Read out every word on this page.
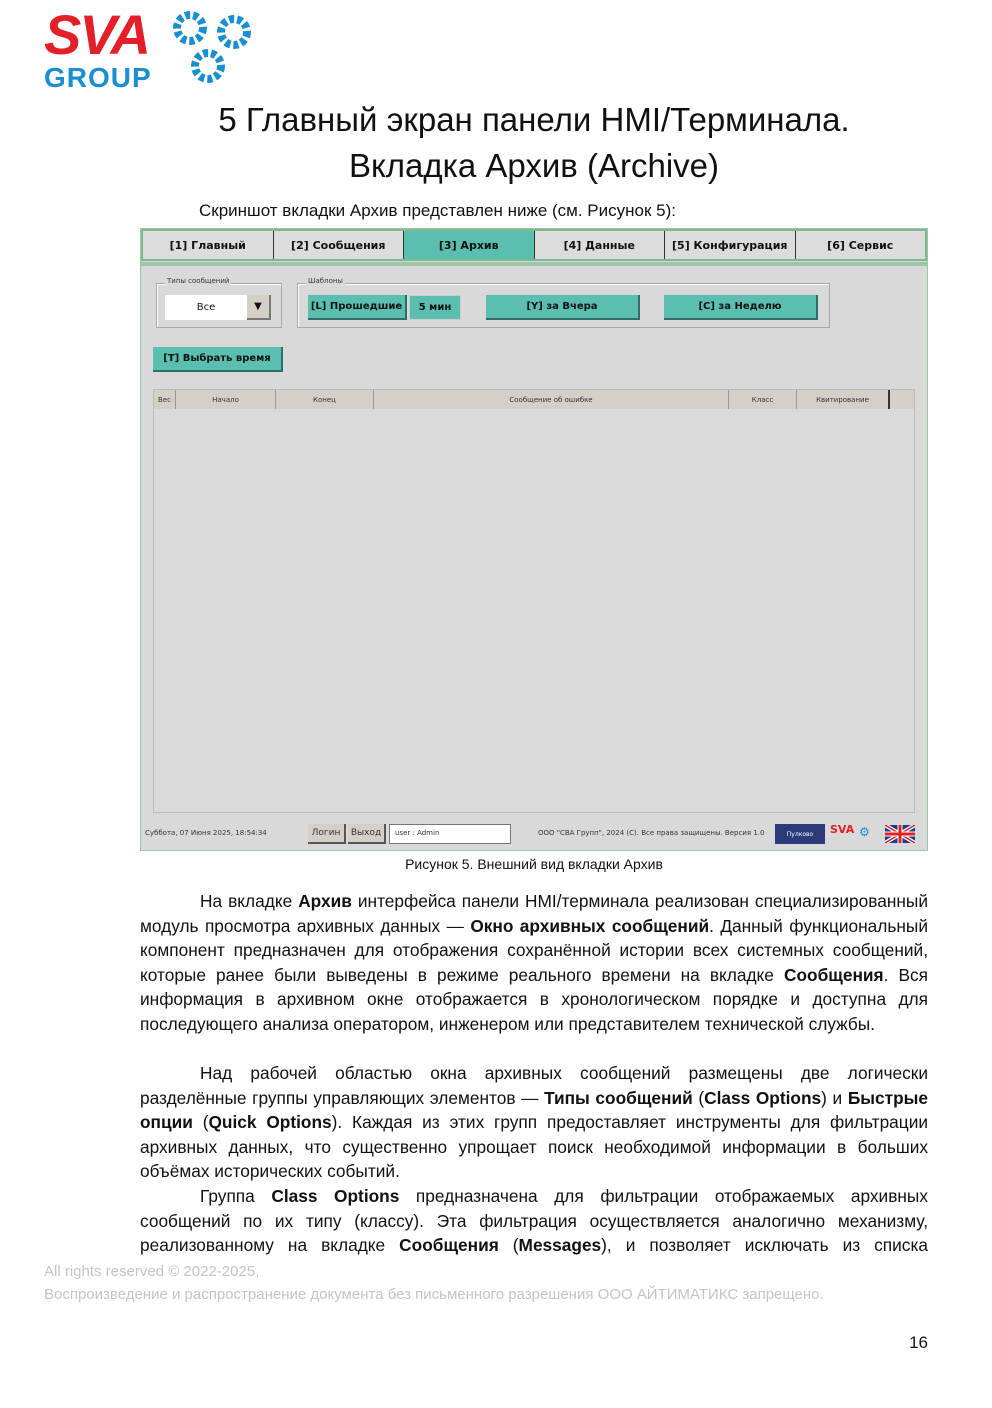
SVA
GROUP
5 Главный экран панели HMI/Терминала.
Вкладка Архив (Archive)
Скриншот вкладки Архив представлен ниже (см. Рисунок 5):
[1] Главный	[2] Сообщения	[3] Архив	[4] Данные	[5] Конфигурация	[6] Сервис
Типы сообщений
Все	▼
Шаблоны
[L] Прошедшие	5 мин	[Y] за Вчера	[C] за Неделю
[T] Выбрать время
Вес	Начало	Конец	Сообщение об ошибке	Класс	Квитирование
Суббота, 07 Июня 2025, 18:54:34	Логин	Выход	user : Admin	ООО "СВА Групп", 2024 (С). Все права защищены. Версия 1.0	Пулково	SVA ⚙
Рисунок 5. Внешний вид вкладки Архив
На вкладке Архив интерфейса панели HMI/терминала реализован специализированный модуль просмотра архивных данных — Окно архивных сообщений. Данный функциональный компонент предназначен для отображения сохранённой истории всех системных сообщений, которые ранее были выведены в режиме реального времени на вкладке Сообщения. Вся информация в архивном окне отображается в хронологическом порядке и доступна для последующего анализа оператором, инженером или представителем технической службы.
Над рабочей областью окна архивных сообщений размещены две логически разделённые группы управляющих элементов — Типы сообщений (Class Options) и Быстрые опции (Quick Options). Каждая из этих групп предоставляет инструменты для фильтрации архивных данных, что существенно упрощает поиск необходимой информации в больших объёмах исторических событий.
Группа Class Options предназначена для фильтрации отображаемых архивных сообщений по их типу (классу). Эта фильтрация осуществляется аналогично механизму, реализованному на вкладке Сообщения (Messages), и позволяет исключать из списка
All rights reserved © 2022-2025,
Воспроизведение и распространение документа без письменного разрешения ООО АЙТИМАТИКС запрещено.
16
